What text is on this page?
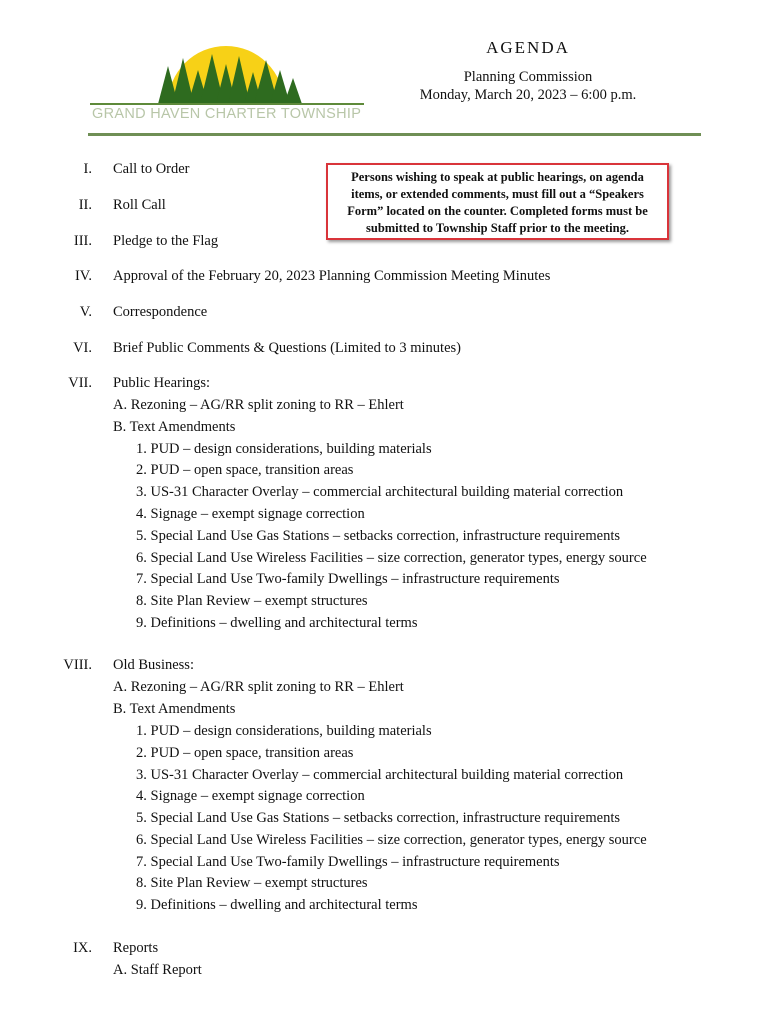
GRAND HAVEN CHARTER TOWNSHIP
AGENDA
Planning Commission
Monday, March 20, 2023 – 6:00 p.m.
Persons wishing to speak at public hearings, on agenda items, or extended comments, must fill out a “Speakers Form” located on the counter. Completed forms must be submitted to Township Staff prior to the meeting.
I. Call to Order
II. Roll Call
III. Pledge to the Flag
IV. Approval of the February 20, 2023 Planning Commission Meeting Minutes
V. Correspondence
VI. Brief Public Comments & Questions (Limited to 3 minutes)
VII. Public Hearings:
A. Rezoning – AG/RR split zoning to RR – Ehlert
B. Text Amendments
1. PUD – design considerations, building materials
2. PUD – open space, transition areas
3. US-31 Character Overlay – commercial architectural building material correction
4. Signage – exempt signage correction
5. Special Land Use Gas Stations – setbacks correction, infrastructure requirements
6. Special Land Use Wireless Facilities – size correction, generator types, energy source
7. Special Land Use Two-family Dwellings – infrastructure requirements
8. Site Plan Review – exempt structures
9. Definitions – dwelling and architectural terms
VIII. Old Business:
A. Rezoning – AG/RR split zoning to RR – Ehlert
B. Text Amendments
1. PUD – design considerations, building materials
2. PUD – open space, transition areas
3. US-31 Character Overlay – commercial architectural building material correction
4. Signage – exempt signage correction
5. Special Land Use Gas Stations – setbacks correction, infrastructure requirements
6. Special Land Use Wireless Facilities – size correction, generator types, energy source
7. Special Land Use Two-family Dwellings – infrastructure requirements
8. Site Plan Review – exempt structures
9. Definitions – dwelling and architectural terms
IX. Reports
A. Staff Report
